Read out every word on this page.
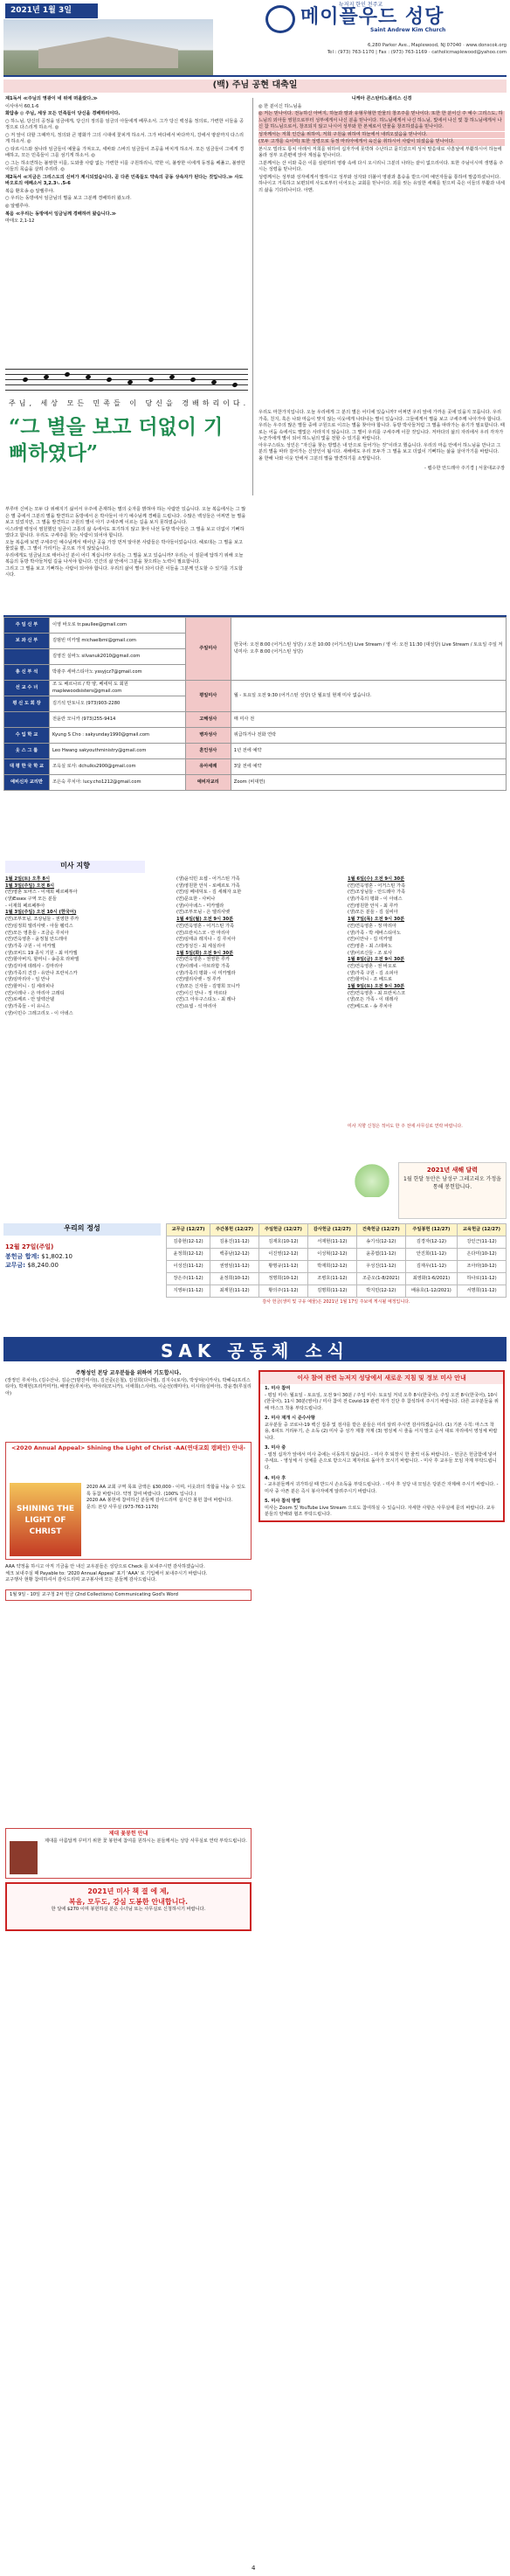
2021년 1월 3일
뉴저지 한인 천주교
메이플우드 성당
Saint Andrew Kim Church
6,280 Parker Ave., Maplewood, NJ 07040 · www.donscok.org
Tel : (973) 763-1170 | Fax : (973) 763-1169 · catholicmaplewood@yahoo.com
(백) 주님 공현 대축일

제1독서 ≪주님의 영광이 네 위에 떠올랐다.≫

이사야서 60,1-6

화답송 ◎ 주님, 세상 모든 민족들이 당신을 경배하리이다.

○ 하느님, 당신의 공정을 임금에게, 당신의 정의를 임금의 아들에게 베푸소서. 그가 당신 백성을 정의로, 가련한 이들을 공정으로 다스리게 하소서. ◎

○ 저 앞이 다할 그때까지, 정의와 큰 평화가 그의 시대에 꽃피게 하소서. 그가 바다에서 바다까지, 강에서 땅끝까지 다스리게 하소서. ◎

○ 타르시스와 섬나라 임금들이 예물을 가져오고, 세바와 스바의 임금들이 조공을 바치게 하소서. 모든 임금들이 그에게 경배하고, 모든 민족들이 그를 섬기게 하소서. ◎

○ 그는 하소연하는 불쌍한 이를, 도와줄 사람 없는 가련한 이를 구원하리니, 약한 이, 불쌍한 이에게 동정을 베풀고, 불쌍한 이들의 목숨을 살려 주리라. ◎

제2독서 ≪지금은 그리스도의 신비가 계시되었습니다. 곧 다른 민족들도 약속의 공동 상속자가 된다는 것입니다.≫ 사도 바오로의 에페소서 3,2.3ㄴ.5-6

복음 환호송 ◎ 알렐루야.

○ 우리는 동방에서 임금님의 별을 보고 그분께 경배하러 왔노라.

◎ 알렐루야.

복음 ≪우리는 동방에서 임금님께 경배하러 왔습니다.≫

마태오 2,1-12

니케아 콘스탄티노폴리스 신경

◎ 한 분이신 하느님을

◎ 저는 믿나이다. 전능하신 아버지, 하늘과 땅과 유형무형한 만물의 창조주를 믿나이다. 또한 한 분이신 주 예수 그리스도, 하느님의 외아들 영원으로부터 성부에게서 나신 분을 믿나이다. 하느님에게서 나신 하느님, 빛에서 나신 빛 참 하느님에게서 나신 참 하느님으로서, 창조되지 않고 나시어 성부와 한 본체로서 만물을 창조하셨음을 믿나이다.

성자께서는 저희 인간을 위하여, 저희 구원을 위하여 하늘에서 내려오셨음을 믿나이다.

(모두 고개를 숙이며) 또한 성령으로 동정 마리아에게서 육신을 취하시어 사람이 되셨음을 믿나이다.

본시오 빌라도 통치 아래서 저희를 위하여 십자가에 못박혀 수난하고 묻히셨으며 성서 말씀대로 사흗날에 부활하시어 하늘에 올라 성부 오른편에 앉아 계심을 믿나이다.

그분께서는 산 이와 죽은 이를 심판하러 영광 속에 다시 오시리니 그분의 나라는 끝이 없으리이다. 또한 주님이시며 생명을 주시는 성령을 믿나이다.

성령께서는 성부와 성자에게서 발하시고 성부와 성자와 더불어 영광과 흠숭을 받으시며 예언자들을 통하여 말씀하셨나이다. 하나이고 거룩하고 보편되며 사도로부터 이어오는 교회를 믿나이다. 죄를 씻는 유일한 세례를 믿으며 죽은 이들의 부활과 내세의 삶을 기다리나이다. 아멘.

주님, 세상 모든 민족들 이 당신을 경배하리이다.
“그 별을 보고 더없이 기뻐하였다”

부루마 신비는 모두 다 위해지기 싫어서 우주에 존재하는 별의 숫자를 밝혀야 하는 사람만 있습니다. 오늘 복음에서는 그 많은 별 중에서 그분의 별을 발견하고 동방에서 온 박사들이 아기 예수님께 경배를 드립니다. 수많은 백성들은 어찌면 늘 별을 보고 있었지만, 그 별을 발견하고 구원의 별이 아기 구세주께 이르는 길을 보지 못하였습니다.

이스라엘 백성이 염원했던 임금이 고통의 삶 속에서도 포기하지 않고 찾아 나선 동방 박사들은 그 별을 보고 더없이 기뻐하였다고 합니다. 우리도 구세주를 찾는 사람이 되어야 합니다.

오늘 복음에 보면 구세주인 예수님께서 태어난 곳을 가장 먼저 알아본 사람들은 박사들이었습니다. 헤로데는 그 별을 보고 물었을 뿐, 그 별이 가리키는 곳으로 가지 않았습니다.

우리에게도 임금님으로 태어나신 분이 어디 계십니까? 우리는 그 별을 보고 있습니까? 우리는 이 질문에 답하기 위해 오늘 복음의 동방 박사들처럼 길을 나서야 합니다. 인간의 삶 안에서 그분을 찾으려는 노력이 필요합니다.

그리고 그 별을 보고 기뻐하는 사람이 되어야 합니다. 우리의 삶이 별이 되어 다른 이들을 그분께 인도할 수 있기를 기도합시다.

우리도 마찬가지입니다. 오늘 우리에게 그 분의 별은 어디에 있습니까? 어쩌면 우리 앞에 가까운 곳에 있을지 모릅니다. 우리 가족, 친지, 혹은 나와 마음이 맞지 않는 이웃에게 나타나는 별이 있습니다. 그들에게서 별을 보고 구세주께 나아가야 합니다.

우리는 우주의 많은 별들 중에 구원으로 이끄는 별을 찾아야 합니다. 동방 박사들처럼 그 별을 따라가는 용기가 필요합니다. 때로는 어둠 속에서도 별빛은 사라지지 않습니다. 그 별이 우리를 구세주께 이끌 것입니다. 저마다의 삶의 자리에서 우리 각자가 누군가에게 별이 되어 하느님의 빛을 전할 수 있기를 바랍니다.

아우구스티노 성인은 “자신을 찾는 방법은 내 안으로 들어가는 것”이라고 했습니다. 우리의 마음 안에서 하느님을 만나고 그분의 별을 따라 걸어가는 신앙인이 됩시다. 새해에도 우리 모두가 그 별을 보고 더없이 기뻐하는 삶을 살아가기를 바랍니다.

올 한해 나와 이웃 안에서 그분의 별을 발견하기를 소망합니다.

- 뱀수한 안드레아 주기경 | 서울대교구장

주 임 신 부	이영 바오로 tr.paullee@gmail.com	주일미사	한국어: 오전 8:00 (어거스틴 성당) / 오전 10:00 (어거스틴) Live Stream / 영 어: 오전 11:30 (대성당) Live Stream / 토요일 주일 저녁미사: 오후 8:00 (어거스틴 성당)
보 좌 신 부	김범빈 미카엘 michaelbmi@gmail.com		
	김영진 실바노 silvanuk2010@gmail.com		
총 신 부 석	박광주 세바스티아노 yssyjcz7@gmail.com		
선 교 수 녀	조 도 배르나르 / 박 양, 베네딕 도 회원 maplewoodsisters@gmail.com	평일미사	월 - 토요일 오전 9:30 (어거스틴 성당) 단 월요일 현재 미사 없습니다.
평 신 도 회 장	김기석 안토니오 (973)903-2280		
	전윤란 모니카 (973)255-9414	고해성사	매 미사 전
수 입 학 교	Kyung S Cho : sakyunday1990@gmail.com	병자성사	위급하거나 전화 연락
웃 스 그 룹	Leo Hwang sakyouthministry@gmail.com	혼인성사	1년 전에 예약
대 평 한 국 학 교	조옥실 로사: dchulks2900@gmail.com	유아세례	3달 전에 예약
예비신자 교리반	조은숙 루치아: lucy.cho1212@gmail.com	예비자교리	Zoom (비대면)
미사 지향
1월 2일(토) 오후 8시
1월 3일(주일) 오전 8시
(연)영혼 토마스 - 이재희 페르페투아
(생)Essex 구역 모든 분들
- 이재희 페르페투아
1월 3일(주일) 오전 10시 (한국어)
(연)조부모님, 조상님들 - 권영한 루카
(연)임정희 엘리사벳 - 아들 펠릭스
(연)모든 영혼들 - 조금순 루치아
(연)연옥영혼 - 윤정철 안드레아
(생)가족 구원 - 이 미카엘
(생)코비드 19 종식 기원 - 최 미카엘
(연)할아버지, 할머니 - 송준호 라파엘
(생)김미애 데레사 - 김마리아
(생)가족의 건강 - 유안나 프란치스카
(생)임마리아 - 임 안나
(연)할머니 - 김 세라피나
(연)이레나 - 은 마리아 고레티
(연)로베르 - 안 알렉산델
(생)가족들 - 이 유니스
(생)이민수 그레고리오 - 이 아녜스
(생)윤석민 요셉 - 어거스틴 가족
(생)영원한 안식 - 로베르토 가족
(연)임 베네딕토 - 김 세례자 요한
(연)문요한 - 사비나
(생)이아녜스 - 미카엘라
(연)조부모님 - 은 엘리사벳
1월 4일(월) 오전 9시 30분
(연)연옥영혼 - 어거스틴 가족
(연)프란치스코 - 안 마리아
(연)임태규 레지나 - 김 루치아
(연)정성진 - 최 세실리아
1월 5일(화) 오전 9시 30분
(연)연옥영혼 - 권영한 루카
(생)이레네 - 아브라함 가족
(생)가족의 평화 - 이 미카엘라
(연)엘리사벳 - 정 루카
(생)모든 신자들 - 김명희 모니카
(연)이신 안나 - 정 마르타
(연)그 아우구스티노 - 최 레나
(연)요셉 - 석 마리아
1월 6일(수) 오전 9시 30분
(연)연옥영혼 - 어거스틴 가족
(연)조상님들 - 안드레아 가족
(생)가족의 평화 - 이 아녜스
(연)영원한 안식 - 최 루카
(생)모든 분들 - 김 실비아
1월 7일(목) 오전 9시 30분
(연)연옥영혼 - 정 마리아
(생)가족 - 박 세바스티아노
(연)이안나 - 김 미카엘
(연)영혼 - 최 스테파노
(생)어르신들 - 조 로사
1월 8일(금) 오전 9시 30분
(연)연옥영혼 - 권 바오로
(생)가족 구원 - 김 소피아
(연)할머니 - 조 베드로
1월 9일(토) 오전 9시 30분
(연)연옥영혼 - 최 프란치스코
(생)모든 가족 - 이 데레사
(연)베드로 - 송 루치아
미사 지향 신청은 적어도 한 주 전에 사무실로 연락 바랍니다.
2021년 새해 달력
1월 한달 동안은 남성구 그레고리오 가정을 통해 봉헌합니다.
우리의 정성
12월 27일(주일)
봉헌금 합계: $1,802.10
교무금: $8,240.00
교무금 (12/27)	주간봉헌 (12/27)	주일헌금 (12/27)	감사헌금 (12/27)	건축헌금 (12/27)	주일봉헌 (12/27)	교육헌금 (12/27)
김충현(12-12)	김용진(11-12)	김재호(10-12)	서재현(11-12)	송기석(12-12)	김경자(12-12)	강인근(11-12)
윤정희(12-12)	백종남(12-12)	이진영(12-12)	이성혁(12-12)	윤종엽(11-12)	안진희(11-12)	은다미(10-12)
이성진(11-12)	권영임(11-12)	황명규(11-12)	박재희(12-12)	우성진(11-12)	김재우(11-12)	조아라(10-12)
장은주(11-12)	윤정희(10-12)	정명희(10-12)	조병호(11-12)	조준오(1-8/2021)	최영화(1-6/2021)	하나로(11-12)
지영두(11-12)	최재원(11-12)	황의주(11-12)	김명희(11-12)	박지민(12-12)	배용호(1-12/2021)	서명희(11-12)
감사 헌금(생미 및 구유 예물)은 2021년 1월 17일 주보에 게시될 예정입니다.
SAK 공동체 소식
주형성인 본당 교우분들을 위하여 기도합시다.

(장정인 루치아), (김수산나, 김순근(밤진여사)), 김선준(은철), 김성희(다니엘), 김지수(로사), 박상덕(이카사), 박혜숙(프리스티아), 박재헌(프리카미카), 배영선(루치아), 마야리(모니카), 이애희(스사파), 이순선(레미아), 이시라(실비아), 장윤경(루실리아)

<2020 Annual Appeal> Shining the Light of Christ -AA(연대교회 캠페인) 안내-
SHINING THE LIGHT OF CHRIST

2020 AA 교회 구역 목표 금액은 $30,000 - 이며, 이웃과의 작합을 나눔 수 있도록 동참 바랍니다. 약정 참여 바랍니다. (100% 입니다.)

2020 AA 봉헌에 참여하신 분들께 감사드리며 실시간 봉헌 참여 바랍니다.

문의: 본당 사무실 (973-763-1170)

AAA 약정을 하시고 아직 기금을 안 내신 교우분들은 성당으로 Check 를 보내주시면 감사하겠습니다.

체크 보내주실 때 Payable to: '2020 Annual Appeal' 표기 'AAA' 로 기입해서 보내주시기 바랍니다.

교구행사 현황 참여하셔서 감사드리며 교구봉사에 모든 분들께 감사드립니다.

1월 9일 - 10일 교구청 2차 헌금 (2nd Collections) Communicating God's Word

이사 참여 관련 뉴저지 성당에서 새로운 지침 및 정보 미사 안내
1. 미사 참여
- 평일 미사: 월요일 - 토요일, 오전 9시 30분 / 주일 미사: 토요일 저녁 오후 8시(한국어), 주일 오전 8시(한국어), 10시(한국어), 11시 30분(영어) / 미사 참여 전 Covid-19 관련 자가 진단 후 참석하여 주시기 바랍니다. 다른 교우분들을 위해 마스크 착용 부탁드립니다.
2. 미사 재개 시 준수사항
교우분들 중 코로나-19 백신 접종 및 검사를 받은 분들은 미리 알려 주시면 감사하겠습니다. (1) 기본 수칙: 마스크 착용, 6피트 거리두기, 손 소독 (2) 미사 중 성가 제창 자제 (3) 영성체 시 줄을 서지 말고 순서 대로 자리에서 영성체 바랍니다.
3. 미사 중
- 열정 십자가 앞에서 미사 중에는 이동하지 않습니다. - 미사 후 퇴장시 한 줄씩 이동 바랍니다. - 헌금은 헌금함에 넣어주세요. - 영성체 시 성체를 손으로 받으시고 제자리로 돌아가 모시기 바랍니다. - 미사 후 교우들 모임 자제 부탁드립니다.
4. 미사 후
- 교우분들께서 귀가하실 때 반드시 손소독을 부탁드립니다. - 미사 후 성당 내 모임은 당분간 자제해 주시기 바랍니다. - 미사 중 아픈 분은 즉시 봉사자에게 알려주시기 바랍니다.
5. 미사 참석 방법
미사는 Zoom 및 YouTube Live Stream 으로도 참여하실 수 있습니다. 자세한 사항은 사무실에 문의 바랍니다. 교우분들의 양해와 협조 부탁드립니다.
제대 꽃봉헌 안내
제대를 아름답게 꾸미기 위한 꽃 봉헌에 참여를 원하시는 분들께서는 성당 사무실로 연락 부탁드립니다.
2021년 미사 책 결 에 제,
복음, 모두도, 강심 도봉한 안내합니다.
한 달에 $270 이며 봉헌하실 분은 수녀님 또는 사무실로 신청하시기 바랍니다.
4
